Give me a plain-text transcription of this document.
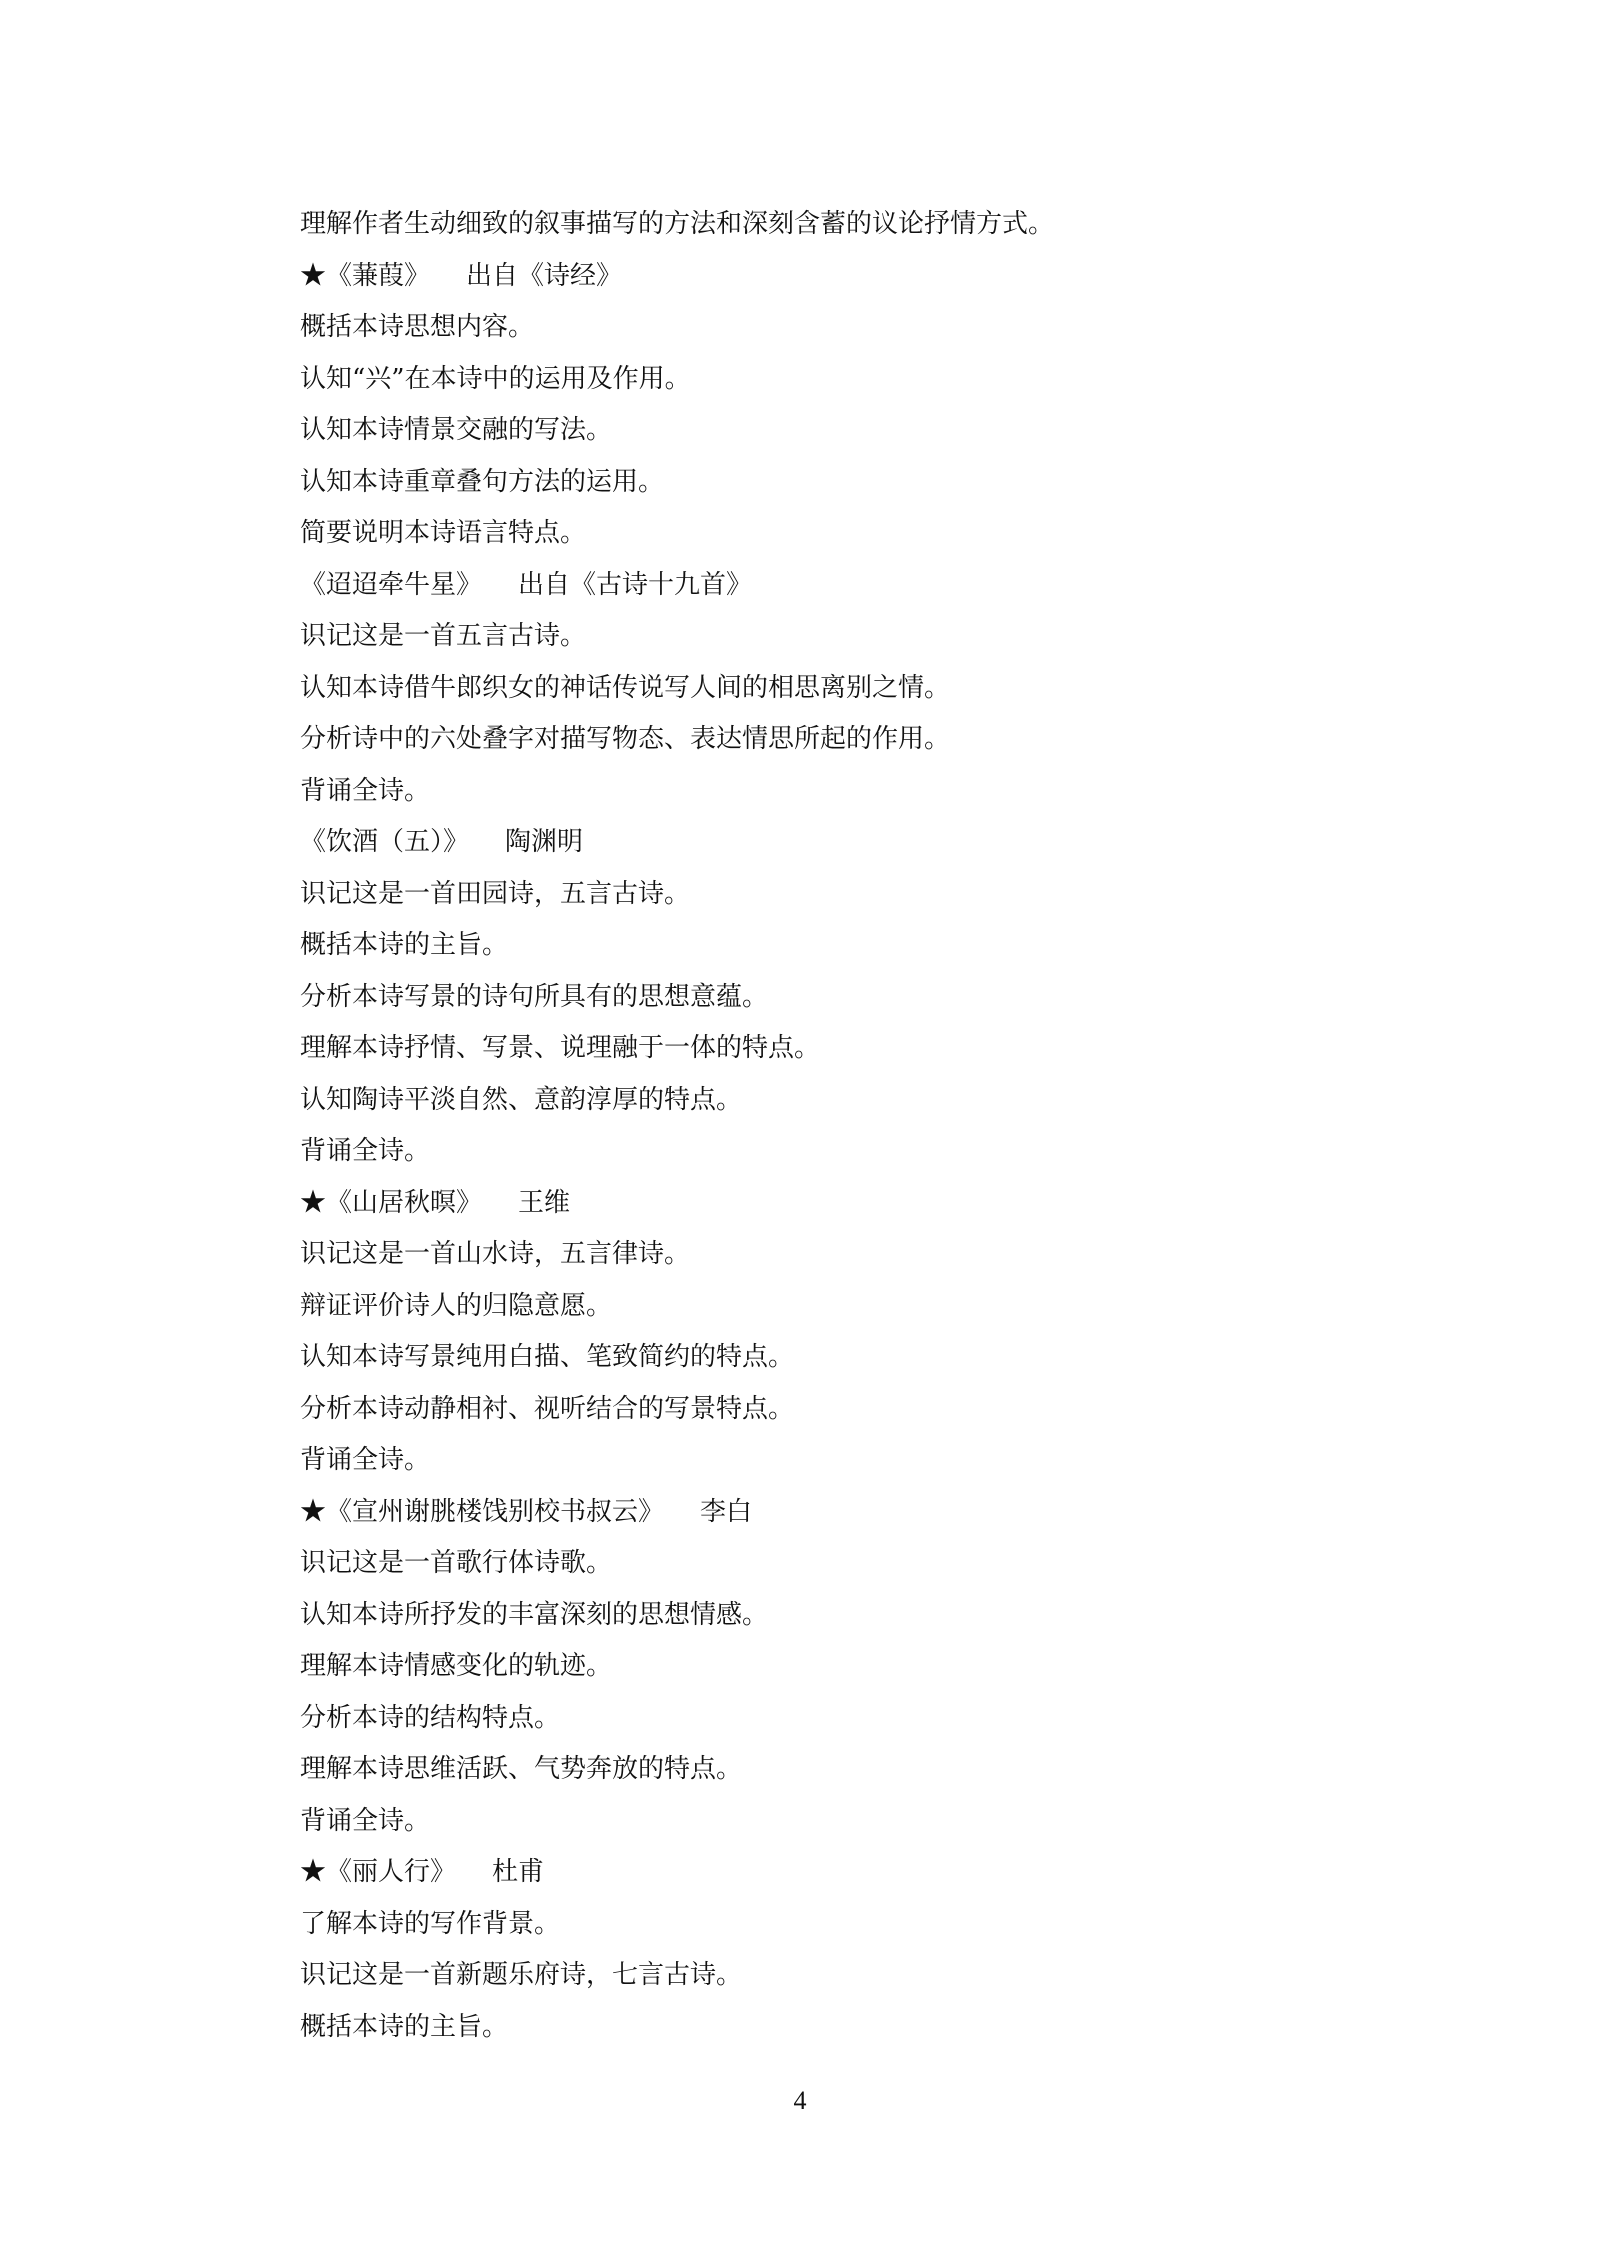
理解作者生动细致的叙事描写的方法和深刻含蓄的议论抒情方式。
★《蒹葭》 出自《诗经》
概括本诗思想内容。
认知“兴”在本诗中的运用及作用。
认知本诗情景交融的写法。
认知本诗重章叠句方法的运用。
简要说明本诗语言特点。
《迢迢牵牛星》 出自《古诗十九首》
识记这是一首五言古诗。
认知本诗借牛郎织女的神话传说写人间的相思离别之情。
分析诗中的六处叠字对描写物态、表达情思所起的作用。
背诵全诗。
《饮酒（五）》 陶渊明
识记这是一首田园诗，五言古诗。
概括本诗的主旨。
分析本诗写景的诗句所具有的思想意蕴。
理解本诗抒情、写景、说理融于一体的特点。
认知陶诗平淡自然、意韵淳厚的特点。
背诵全诗。
★《山居秋暝》 王维
识记这是一首山水诗，五言律诗。
辩证评价诗人的归隐意愿。
认知本诗写景纯用白描、笔致简约的特点。
分析本诗动静相衬、视听结合的写景特点。
背诵全诗。
★《宣州谢朓楼饯别校书叔云》 李白
识记这是一首歌行体诗歌。
认知本诗所抒发的丰富深刻的思想情感。
理解本诗情感变化的轨迹。
分析本诗的结构特点。
理解本诗思维活跃、气势奔放的特点。
背诵全诗。
★《丽人行》 杜甫
了解本诗的写作背景。
识记这是一首新题乐府诗，七言古诗。
概括本诗的主旨。
4
